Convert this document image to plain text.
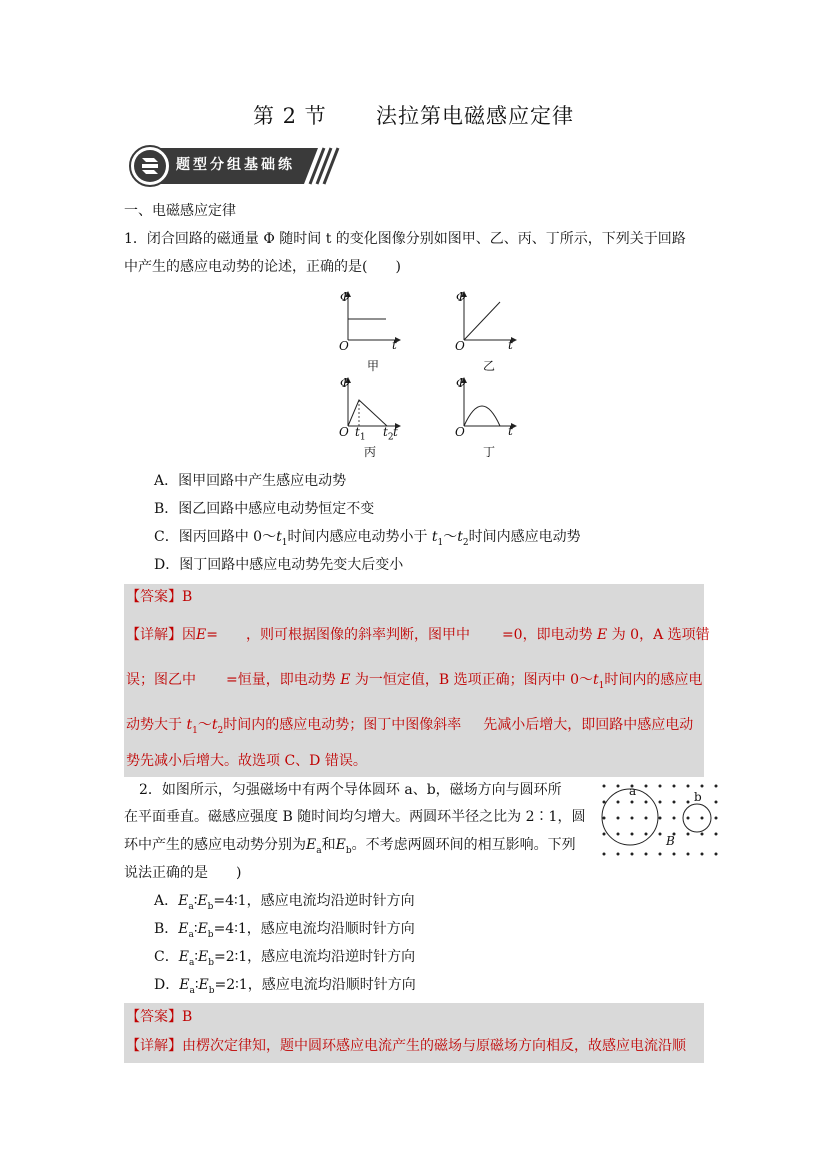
第 2 节 法拉第电磁感应定律
题型分组基础练
一、电磁感应定律
1．闭合回路的磁通量 Φ 随时间 t 的变化图像分别如图甲、乙、丙、丁所示，下列关于回路
中产生的感应电动势的论述，正确的是(　　)
Φ
t
O
甲
Φ
t
O
乙
Φ
O $t_1$ $t_2$ t
丙
Φ
t
O
丁
A．图甲回路中产生感应电动势
B．图乙回路中感应电动势恒定不变
C．图丙回路中 $0\sim t_1$时间内感应电动势小于 $t_1\sim t_2$时间内感应电动势
D．图丁回路中感应电动势先变大后变小
【答案】B
【详解】因E= ，则可根据图像的斜率判断，图甲中 =0，即电动势 E 为 0，A 选项错
误；图乙中 =恒量，即电动势 E 为一恒定值，B 选项正确；图丙中 $0\sim t_1$时间内的感应电
动势大于 $t_1\sim t_2$时间内的感应电动势；图丁中图像斜率 先减小后增大，即回路中感应电动
势先减小后增大。故选项 C、D 错误。
2．如图所示，匀强磁场中有两个导体圆环 a、b，磁场方向与圆环所
在平面垂直。磁感应强度 B 随时间均匀增大。两圆环半径之比为 2∶1，圆
环中产生的感应电动势分别为$E_a$和$E_b$。不考虑两圆环间的相互影响。下列
说法正确的是　　)
a	b
B
A．$E_a∶E_b=4∶1$，感应电流均沿逆时针方向
B．$E_a∶E_b=4∶1$，感应电流均沿顺时针方向
C．$E_a∶E_b=2∶1$，感应电流均沿逆时针方向
D．$E_a∶E_b=2∶1$，感应电流均沿顺时针方向
【答案】B
【详解】由楞次定律知，题中圆环感应电流产生的磁场与原磁场方向相反，故感应电流沿顺
